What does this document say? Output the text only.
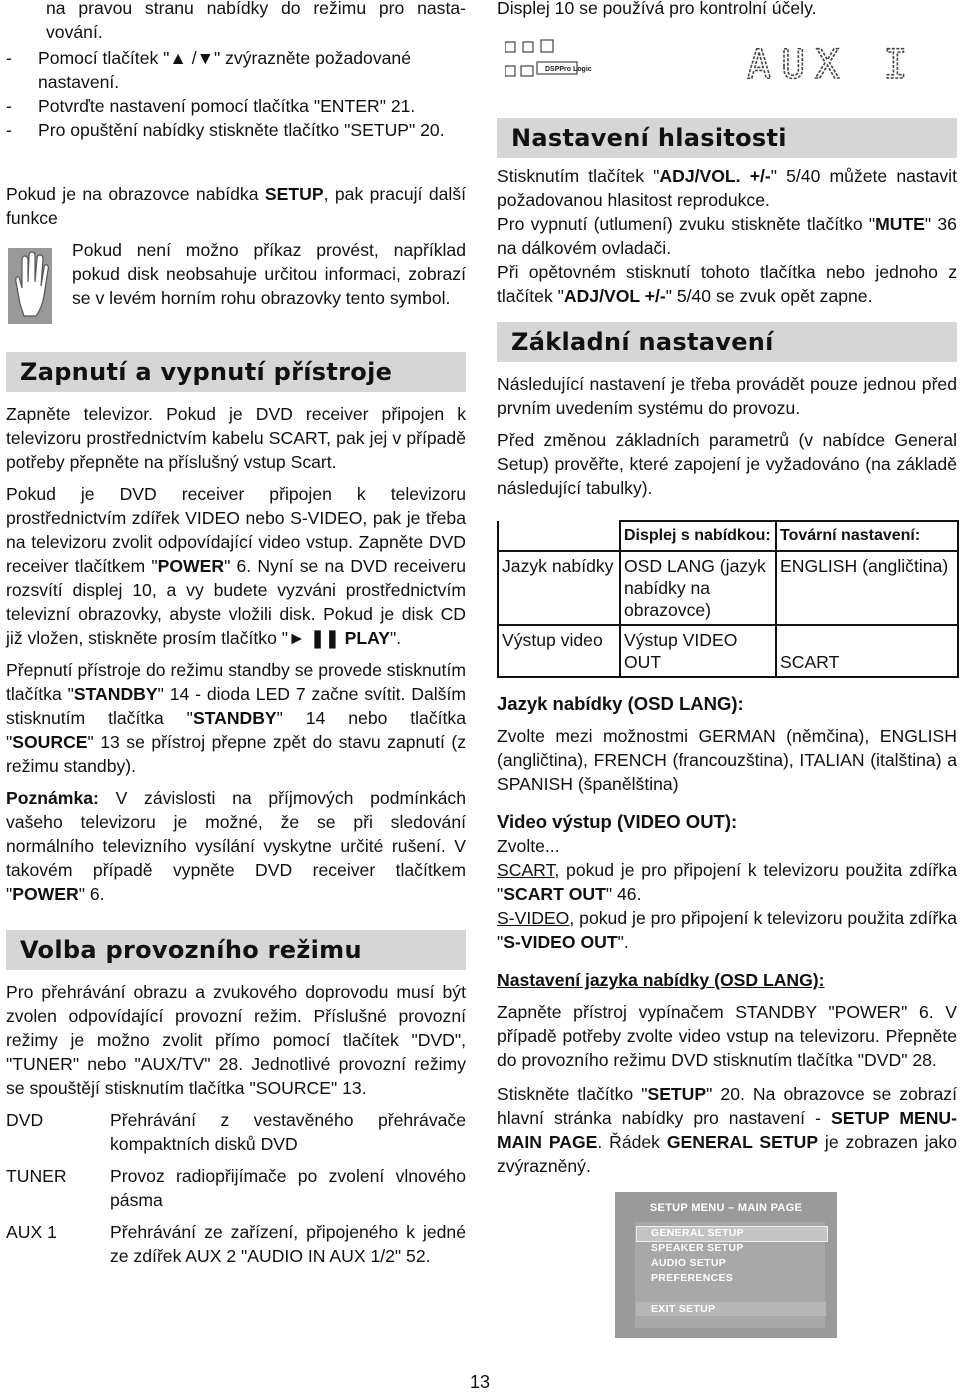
na pravou stranu nabídky do režimu pro nasta-vování.

-	Pomocí tlačítek "▲ /▼" zvýrazněte požadované nastavení.
-	Potvrďte nastavení pomocí tlačítka "ENTER" 21.
-	Pro opuštění nabídky stiskněte tlačítko "SETUP" 20.

Pokud je na obrazovce nabídka SETUP, pak pracují další funkce

Pokud není možno příkaz provést, například pokud disk neobsahuje určitou informaci, zobrazí se v levém horním rohu obrazovky tento symbol.

Zapnutí a vypnutí přístroje

Zapněte televizor. Pokud je DVD receiver připojen k televizoru prostřednictvím kabelu SCART, pak jej v případě potřeby přepněte na příslušný vstup Scart.

Pokud je DVD receiver připojen k televizoru prostřednictvím zdířek VIDEO nebo S-VIDEO, pak je třeba na televizoru zvolit odpovídající video vstup. Zapněte DVD receiver tlačítkem "POWER" 6. Nyní se na DVD receiveru rozsvítí displej 10, a vy budete vyzváni prostřednictvím televizní obrazovky, abyste vložili disk. Pokud je disk CD již vložen, stiskněte prosím tlačítko "► ❚❚ PLAY".

Přepnutí přístroje do režimu standby se provede stisknutím tlačítka "STANDBY" 14 - dioda LED 7 začne svítit. Dalším stisknutím tlačítka "STANDBY" 14 nebo tlačítka "SOURCE" 13 se přístroj přepne zpět do stavu zapnutí (z režimu standby).

Poznámka: V závislosti na příjmových podmínkách vašeho televizoru je možné, že se při sledování normálního televizního vysílání vyskytne určité rušení. V takovém případě vypněte DVD receiver tlačítkem "POWER" 6.

Volba provozního režimu

Pro přehrávání obrazu a zvukového doprovodu musí být zvolen odpovídající provozní režim. Příslušné provozní režimy je možno zvolit přímo pomocí tlačítek "DVD", "TUNER" nebo "AUX/TV" 28. Jednotlivé provozní režimy se spouštějí stisknutím tlačítka "SOURCE" 13.

DVD	Přehrávání z vestavěného přehrávače kompaktních disků DVD
TUNER	Provoz radiopřijímače po zvolení vlnového pásma
AUX 1	Přehrávání ze zařízení, připojeného k jedné ze zdířek AUX 2 "AUDIO IN AUX 1/2" 52.

Displej 10 se používá pro kontrolní účely.

Nastavení hlasitosti

Stisknutím tlačítek "ADJ/VOL. +/-" 5/40 můžete nastavit požadovanou hlasitost reprodukce.

Pro vypnutí (utlumení) zvuku stiskněte tlačítko "MUTE" 36 na dálkovém ovladači.

Při opětovném stisknutí tohoto tlačítka nebo jednoho z tlačítek "ADJ/VOL +/-" 5/40 se zvuk opět zapne.

Základní nastavení

Následující nastavení je třeba provádět pouze jednou před prvním uvedením systému do provozu.

Před změnou základních parametrů (v nabídce General Setup) prověřte, které zapojení je vyžadováno (na základě následující tabulky).

	Displej s nabídkou:	Tovární nastavení:
Jazyk nabídky	OSD LANG (jazyk nabídky na obrazovce)	ENGLISH (angličtina)
Výstup video	Výstup VIDEO OUT	SCART

Jazyk nabídky (OSD LANG):

Zvolte mezi možnostmi GERMAN (němčina), ENGLISH (angličtina), FRENCH (francouzština), ITALIAN (italština) a SPANISH (španělština)

Video výstup (VIDEO OUT):

Zvolte...

SCART, pokud je pro připojení k televizoru použita zdířka "SCART OUT" 46.

S-VIDEO, pokud je pro připojení k televizoru použita zdířka "S-VIDEO OUT".

Nastavení jazyka nabídky (OSD LANG):

Zapněte přístroj vypínačem STANDBY "POWER" 6. V případě potřeby zvolte video vstup na televizoru. Přepněte do provozního režimu DVD stisknutím tlačítka "DVD" 28.

Stiskněte tlačítko "SETUP" 20. Na obrazovce se zobrazí hlavní stránka nabídky pro nastavení - SETUP MENU-MAIN PAGE. Řádek GENERAL SETUP je zobrazen jako zvýrazněný.

DSPPro Logic	AUX I
SETUP MENU – MAIN PAGE
GENERAL SETUP
SPEAKER SETUP
AUDIO SETUP
PREFERENCES
EXIT SETUP
13
